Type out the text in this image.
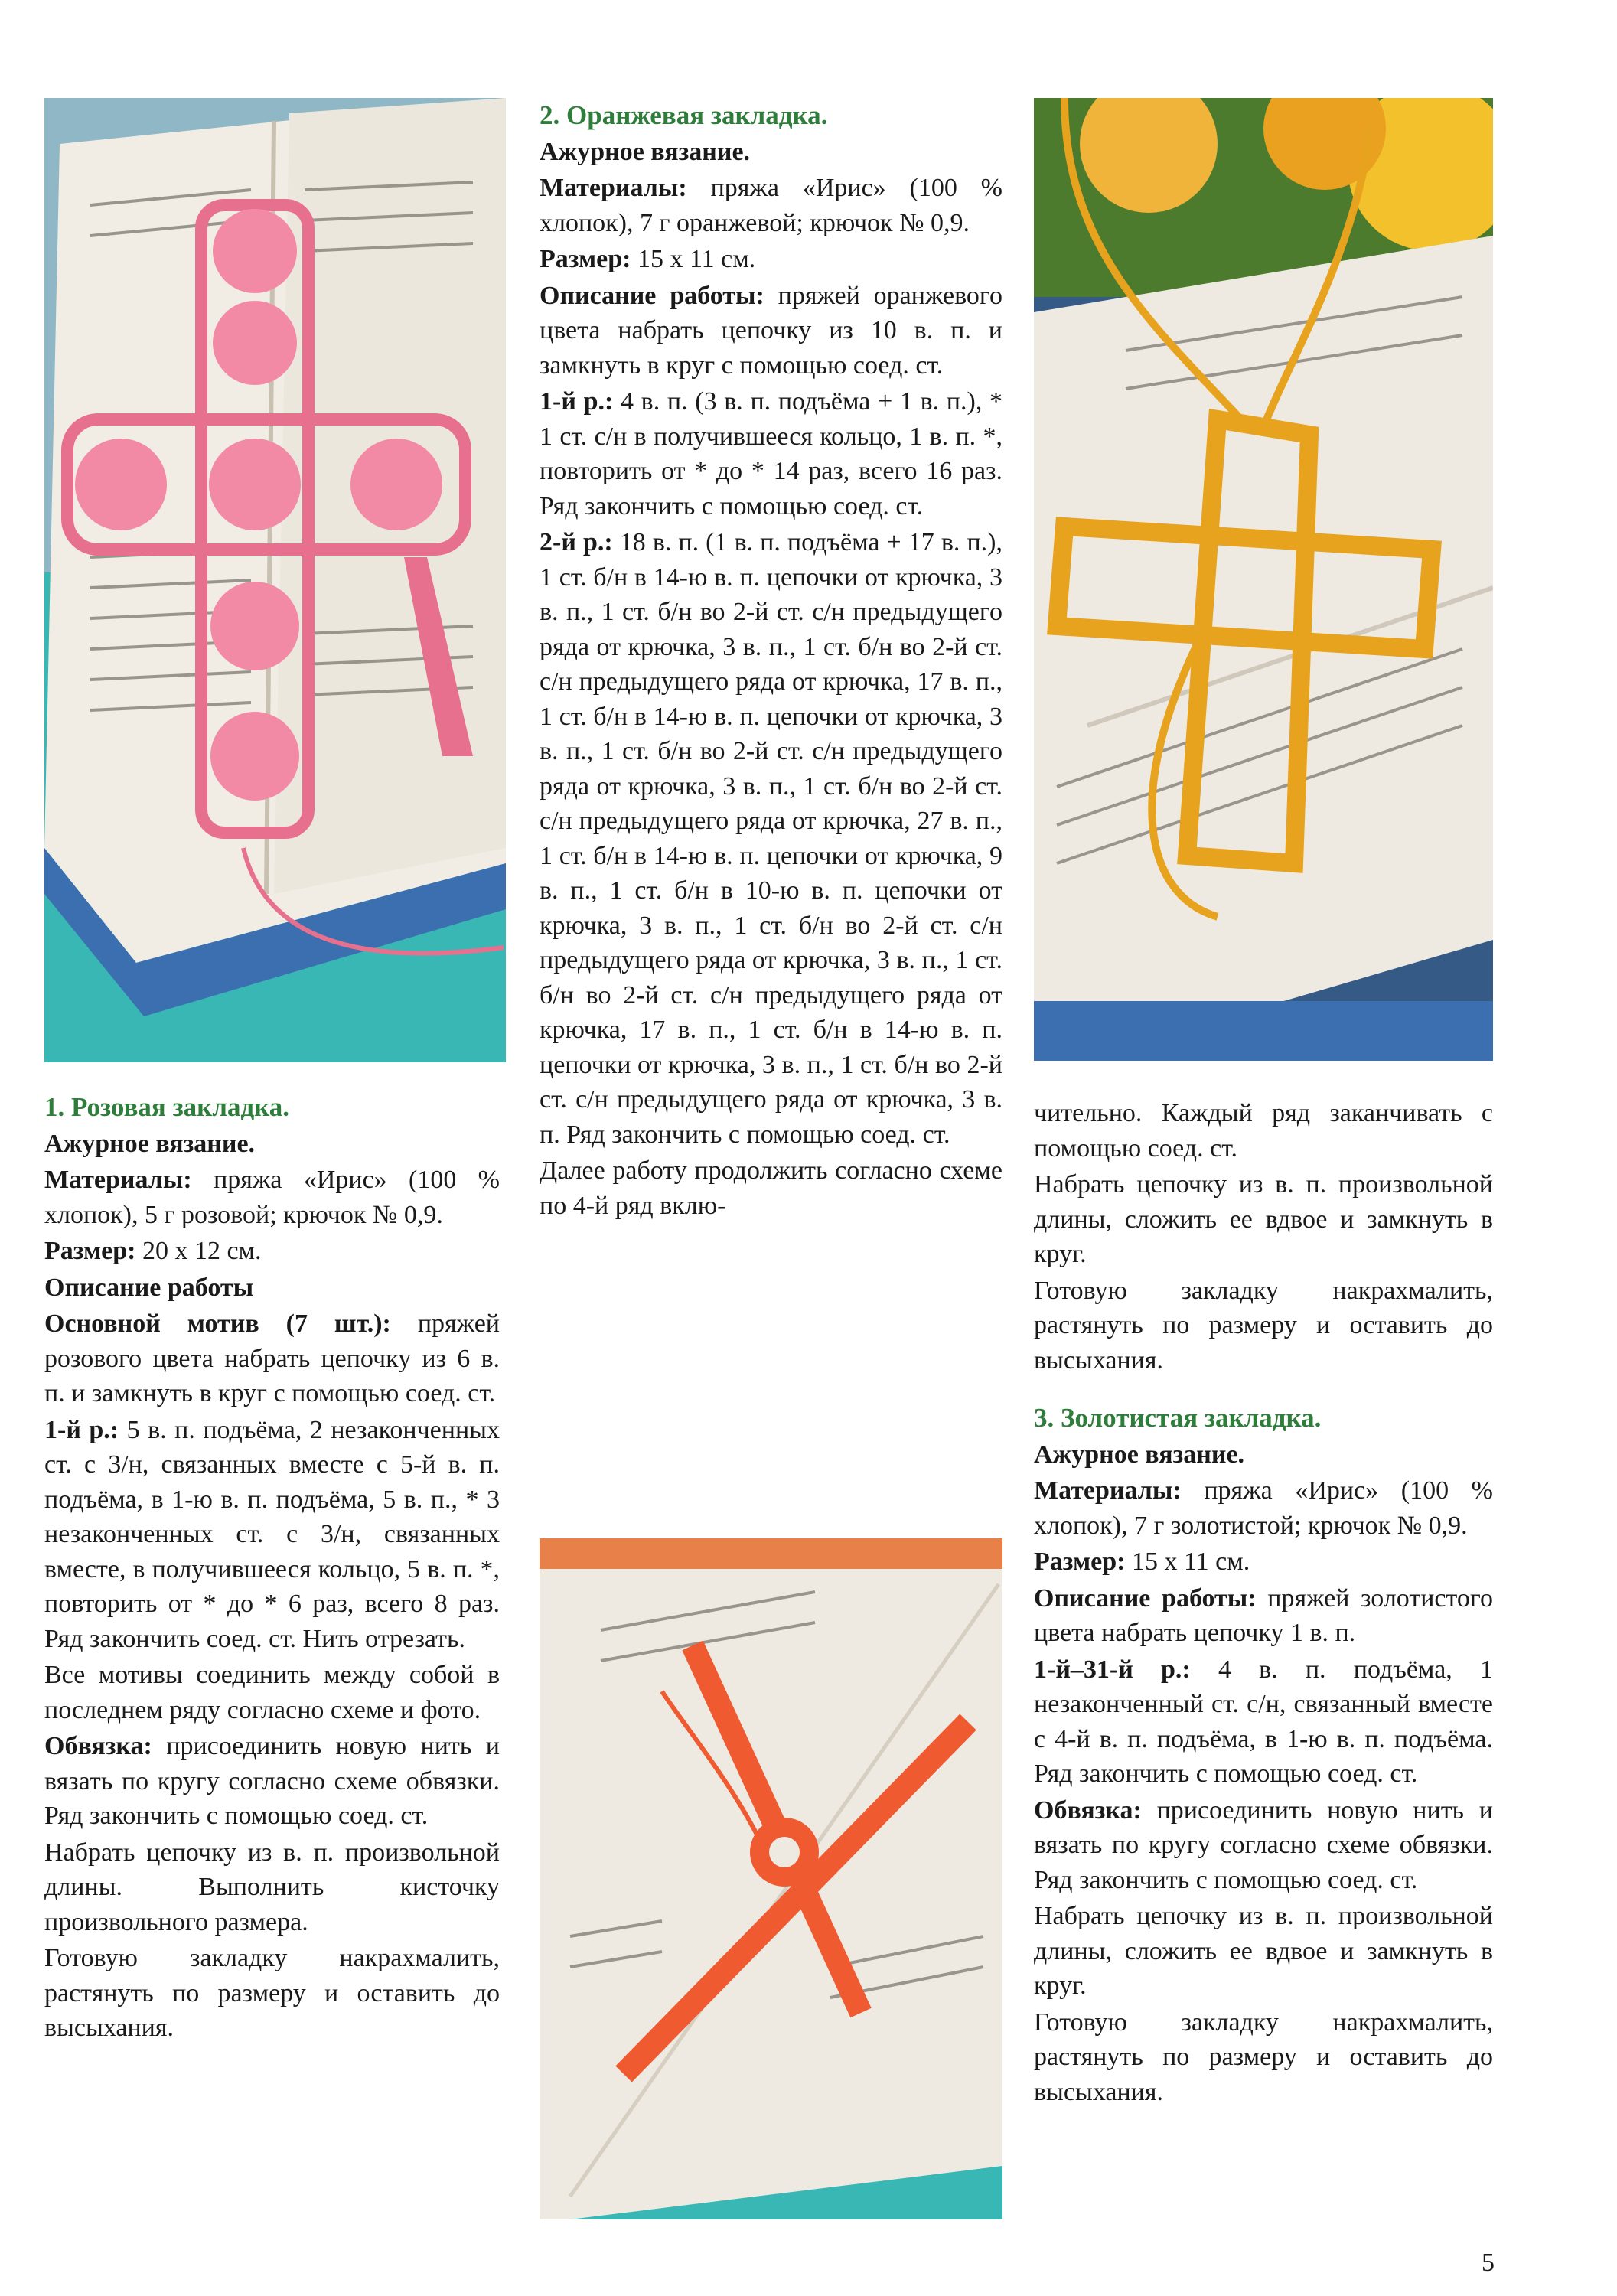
1. Розовая закладка.

Ажурное вязание.

Материалы: пряжа «Ирис» (100 % хлопок), 5 г розовой; крючок № 0,9.

Размер: 20 х 12 см.

Описание работы

Основной мотив (7 шт.): пряжей розового цвета набрать цепочку из 6 в. п. и замкнуть в круг с помощью соед. ст.

1-й р.: 5 в. п. подъёма, 2 незаконченных ст. с 3/н, связанных вместе с 5-й в. п. подъёма, в 1-ю в. п. подъёма, 5 в. п., * 3 незаконченных ст. с 3/н, связанных вместе, в получившееся кольцо, 5 в. п. *, повторить от * до * 6 раз, всего 8 раз. Ряд закончить соед. ст. Нить отрезать.

Все мотивы соединить между собой в последнем ряду согласно схеме и фото.

Обвязка: присоединить новую нить и вязать по кругу согласно схеме обвязки. Ряд закончить с помощью соед. ст.

Набрать цепочку из в. п. произвольной длины. Выполнить кисточку произвольного размера.

Готовую закладку накрахмалить, растянуть по размеру и оставить до высыхания.

2. Оранжевая закладка.

Ажурное вязание.

Материалы: пряжа «Ирис» (100 % хлопок), 7 г оранжевой; крючок № 0,9.

Размер: 15 х 11 см.

Описание работы: пряжей оранжевого цвета набрать цепочку из 10 в. п. и замкнуть в круг с помощью соед. ст.

1-й р.: 4 в. п. (3 в. п. подъёма + 1 в. п.), * 1 ст. с/н в получившееся кольцо, 1 в. п. *, повторить от * до * 14 раз, всего 16 раз. Ряд закончить с помощью соед. ст.

2-й р.: 18 в. п. (1 в. п. подъёма + 17 в. п.), 1 ст. б/н в 14-ю в. п. цепочки от крючка, 3 в. п., 1 ст. б/н во 2-й ст. с/н предыдущего ряда от крючка, 3 в. п., 1 ст. б/н во 2-й ст. с/н предыдущего ряда от крючка, 17 в. п., 1 ст. б/н в 14-ю в. п. цепочки от крючка, 3 в. п., 1 ст. б/н во 2-й ст. с/н предыдущего ряда от крючка, 3 в. п., 1 ст. б/н во 2-й ст. с/н предыдущего ряда от крючка, 27 в. п., 1 ст. б/н в 14-ю в. п. цепочки от крючка, 9 в. п., 1 ст. б/н в 10-ю в. п. цепочки от крючка, 3 в. п., 1 ст. б/н во 2-й ст. с/н предыдущего ряда от крючка, 3 в. п., 1 ст. б/н во 2-й ст. с/н предыдущего ряда от крючка, 17 в. п., 1 ст. б/н в 14-ю в. п. цепочки от крючка, 3 в. п., 1 ст. б/н во 2-й ст. с/н предыдущего ряда от крючка, 3 в. п. Ряд закончить с помощью соед. ст.

Далее работу продолжить согласно схеме по 4-й ряд вклю-

чительно. Каждый ряд заканчивать с помощью соед. ст.

Набрать цепочку из в. п. произвольной длины, сложить ее вдвое и замкнуть в круг.

Готовую закладку накрахмалить, растянуть по размеру и оставить до высыхания.

3. Золотистая закладка.

Ажурное вязание.

Материалы: пряжа «Ирис» (100 % хлопок), 7 г золотистой; крючок № 0,9.

Размер: 15 х 11 см.

Описание работы: пряжей золотистого цвета набрать цепочку 1 в. п.

1-й–31-й р.: 4 в. п. подъёма, 1 незаконченный ст. с/н, связанный вместе с 4-й в. п. подъёма, в 1-ю в. п. подъёма. Ряд закончить с помощью соед. ст.

Обвязка: присоединить новую нить и вязать по кругу согласно схеме обвязки. Ряд закончить с помощью соед. ст.

Набрать цепочку из в. п. произвольной длины, сложить ее вдвое и замкнуть в круг.

Готовую закладку накрахмалить, растянуть по размеру и оставить до высыхания.

5
